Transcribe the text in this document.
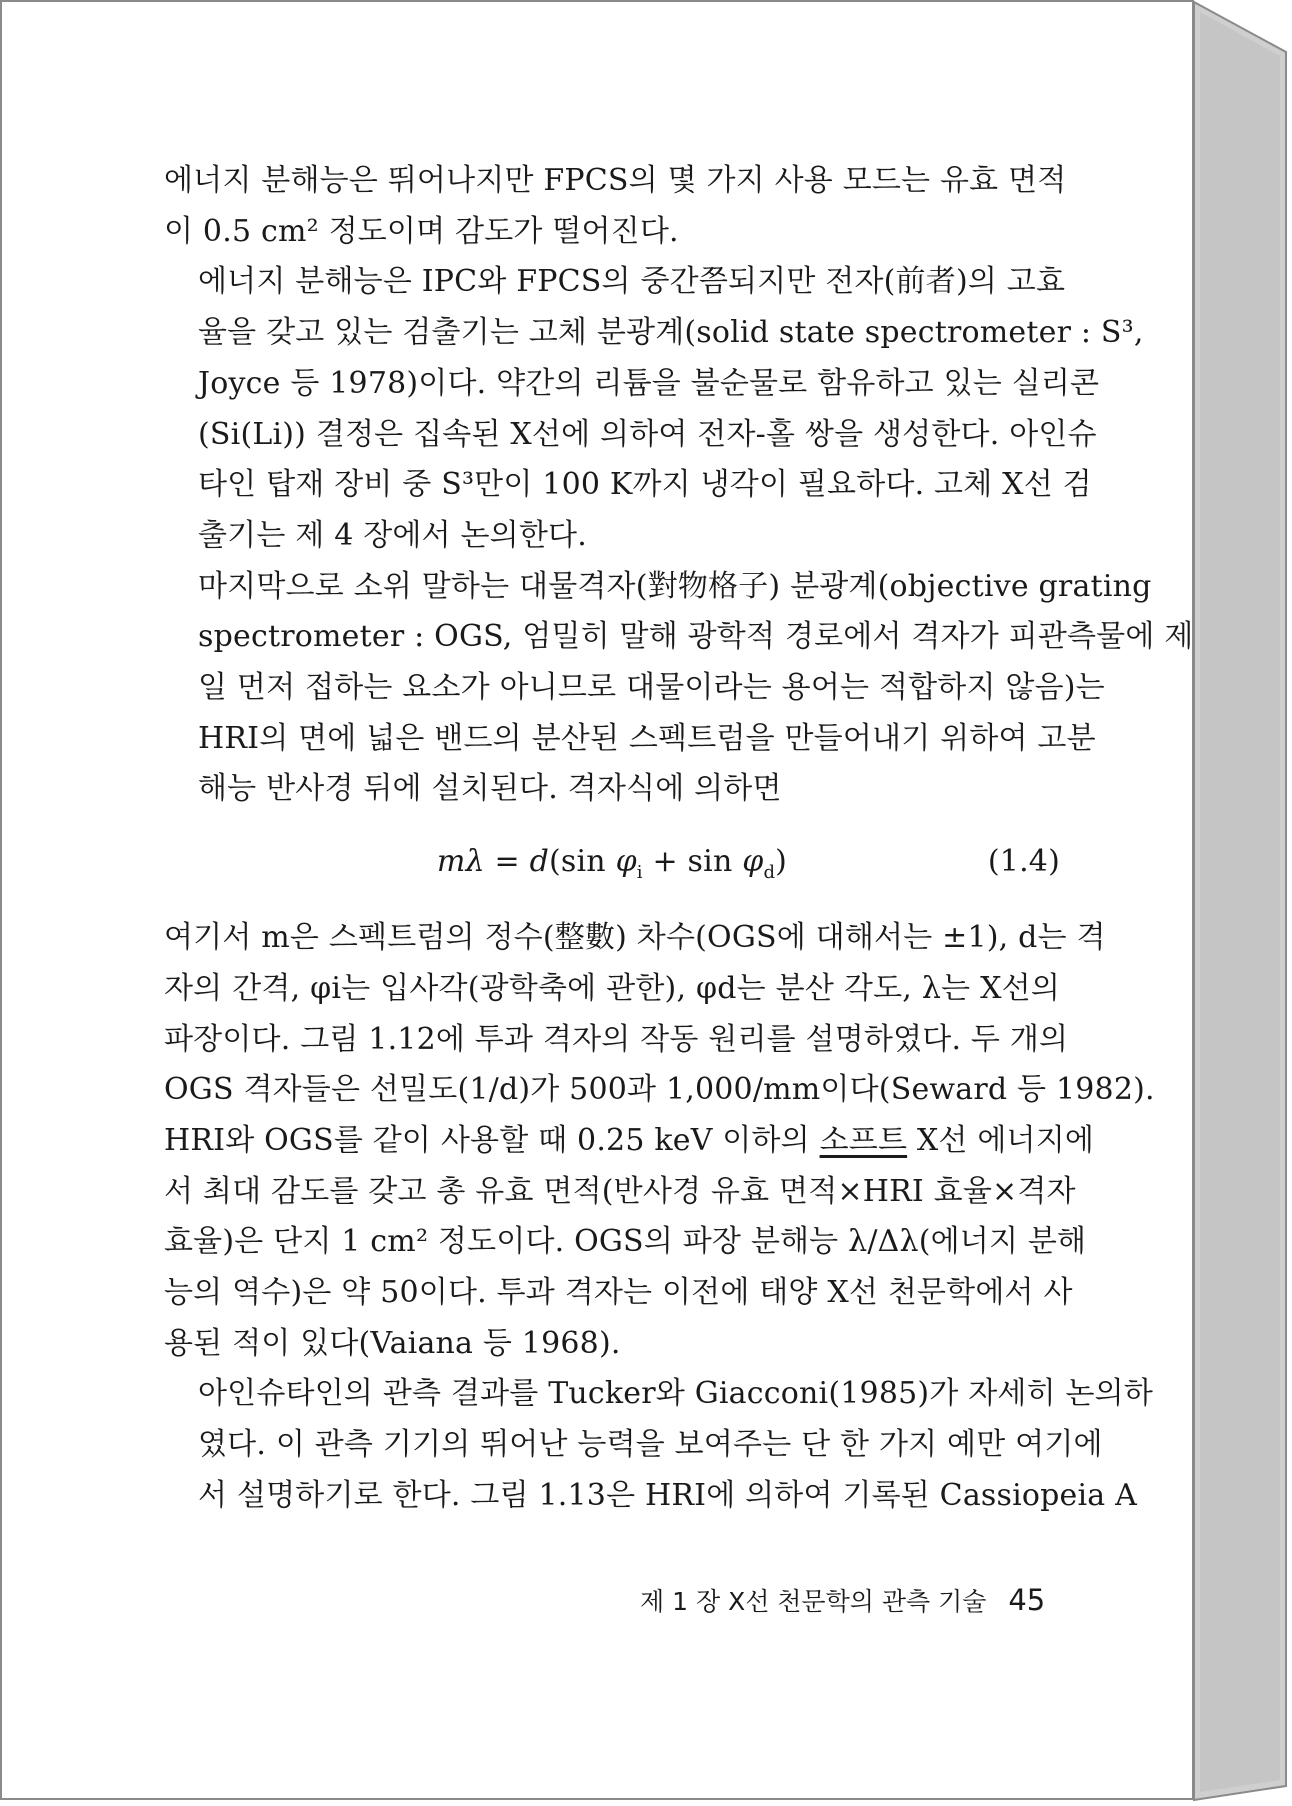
에너지 분해능은 뛰어나지만 FPCS의 몇 가지 사용 모드는 유효 면적
이 0.5 cm² 정도이며 감도가 떨어진다.

에너지 분해능은 IPC와 FPCS의 중간쯤되지만 전자(前者)의 고효
율을 갖고 있는 검출기는 고체 분광계(solid state spectrometer : S³,
Joyce 등 1978)이다. 약간의 리튬을 불순물로 함유하고 있는 실리콘
(Si(Li)) 결정은 집속된 X선에 의하여 전자-홀 쌍을 생성한다. 아인슈
타인 탑재 장비 중 S³만이 100 K까지 냉각이 필요하다. 고체 X선 검
출기는 제 4 장에서 논의한다.

마지막으로 소위 말하는 대물격자(對物格子) 분광계(objective grating
spectrometer : OGS, 엄밀히 말해 광학적 경로에서 격자가 피관측물에 제
일 먼저 접하는 요소가 아니므로 대물이라는 용어는 적합하지 않음)는
HRI의 면에 넓은 밴드의 분산된 스펙트럼을 만들어내기 위하여 고분
해능 반사경 뒤에 설치된다. 격자식에 의하면

mλ = d(sin $\varphi_i + \sin \varphi_d$)	(1.4)

여기서 m은 스펙트럼의 정수(整數) 차수(OGS에 대해서는 ±1), d는 격
자의 간격, φi는 입사각(광학축에 관한), φd는 분산 각도, λ는 X선의
파장이다. 그림 1.12에 투과 격자의 작동 원리를 설명하였다. 두 개의
OGS 격자들은 선밀도(1/d)가 500과 1,000/mm이다(Seward 등 1982).
HRI와 OGS를 같이 사용할 때 0.25 keV 이하의 소프트 X선 에너지에
서 최대 감도를 갖고 총 유효 면적(반사경 유효 면적×HRI 효율×격자
효율)은 단지 1 cm² 정도이다. OGS의 파장 분해능 λ/Δλ(에너지 분해
능의 역수)은 약 50이다. 투과 격자는 이전에 태양 X선 천문학에서 사
용된 적이 있다(Vaiana 등 1968).

아인슈타인의 관측 결과를 Tucker와 Giacconi(1985)가 자세히 논의하
였다. 이 관측 기기의 뛰어난 능력을 보여주는 단 한 가지 예만 여기에
서 설명하기로 한다. 그림 1.13은 HRI에 의하여 기록된 Cassiopeia A

제 1 장 X선 천문학의 관측 기술 45
